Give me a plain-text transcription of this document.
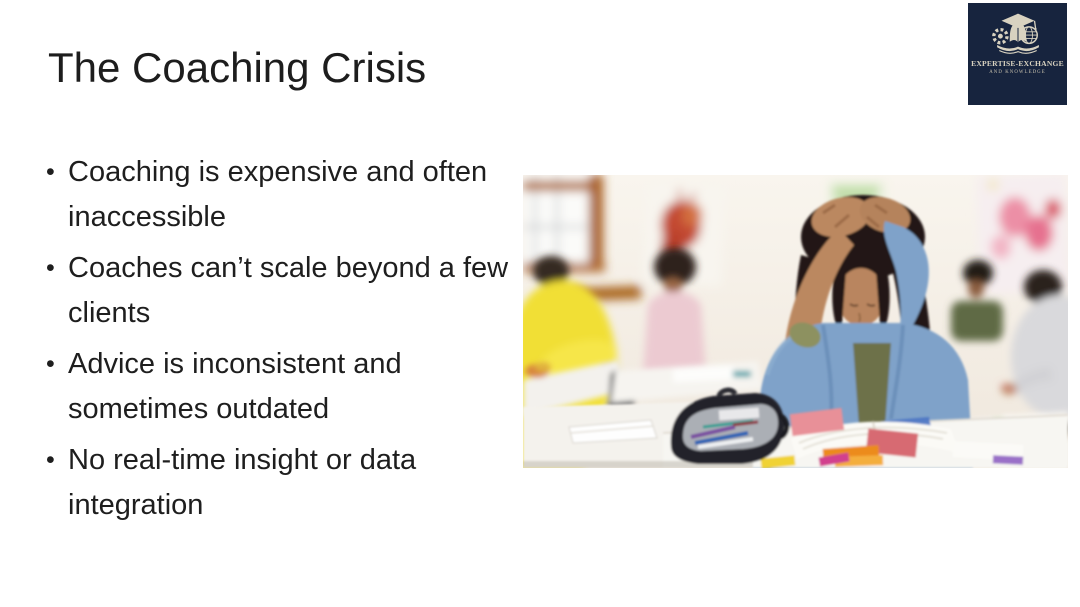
The Coaching Crisis
• Coaching is expensive and often inaccessible
• Coaches can’t scale beyond a few clients
• Advice is inconsistent and sometimes outdated
• No real-time insight or data integration
EXPERTISE-EXCHANGE
AND KNOWLEDGE
